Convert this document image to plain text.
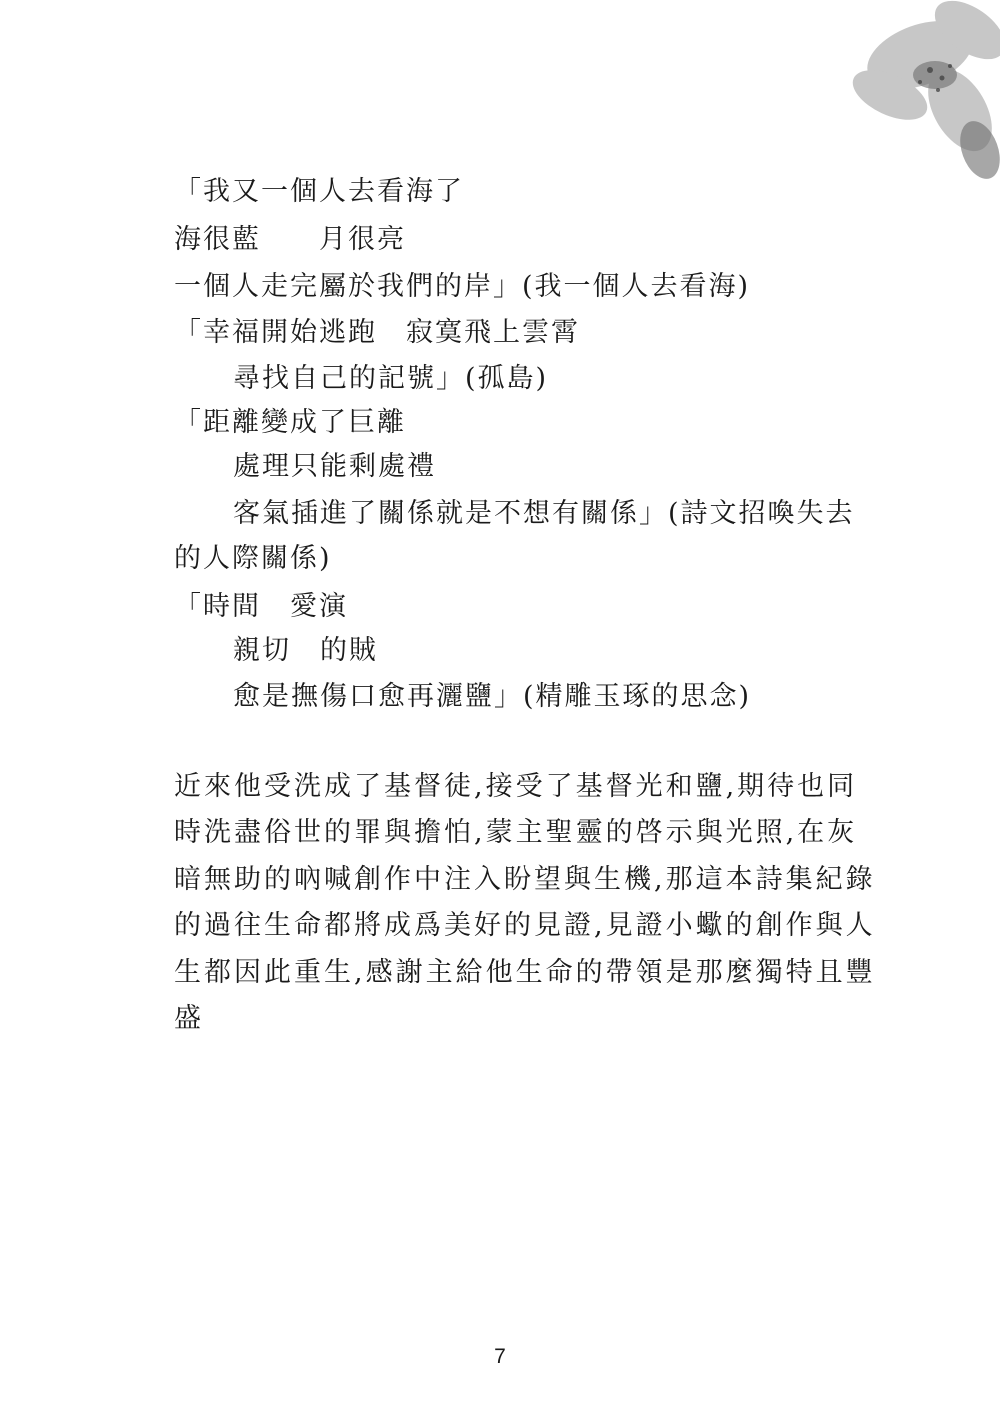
「我又一個人去看海了
海很藍　　月很亮
一個人走完屬於我們的岸」(我一個人去看海)
「幸福開始逃跑　寂寞飛上雲霄
尋找自己的記號」(孤島)
「距離變成了巨離
處理只能剩處禮
客氣插進了關係就是不想有關係」(詩文招喚失去
的人際關係)
「時間　愛演
親切　的賊
愈是撫傷口愈再灑鹽」(精雕玉琢的思念)
近來他受洗成了基督徒,接受了基督光和鹽,期待也同
時洗盡俗世的罪與擔怕,蒙主聖靈的啓示與光照,在灰
暗無助的吶喊創作中注入盼望與生機,那這本詩集紀錄
的過往生命都將成爲美好的見證,見證小蠍的創作與人
生都因此重生,感謝主給他生命的帶領是那麼獨特且豐
盛
7
